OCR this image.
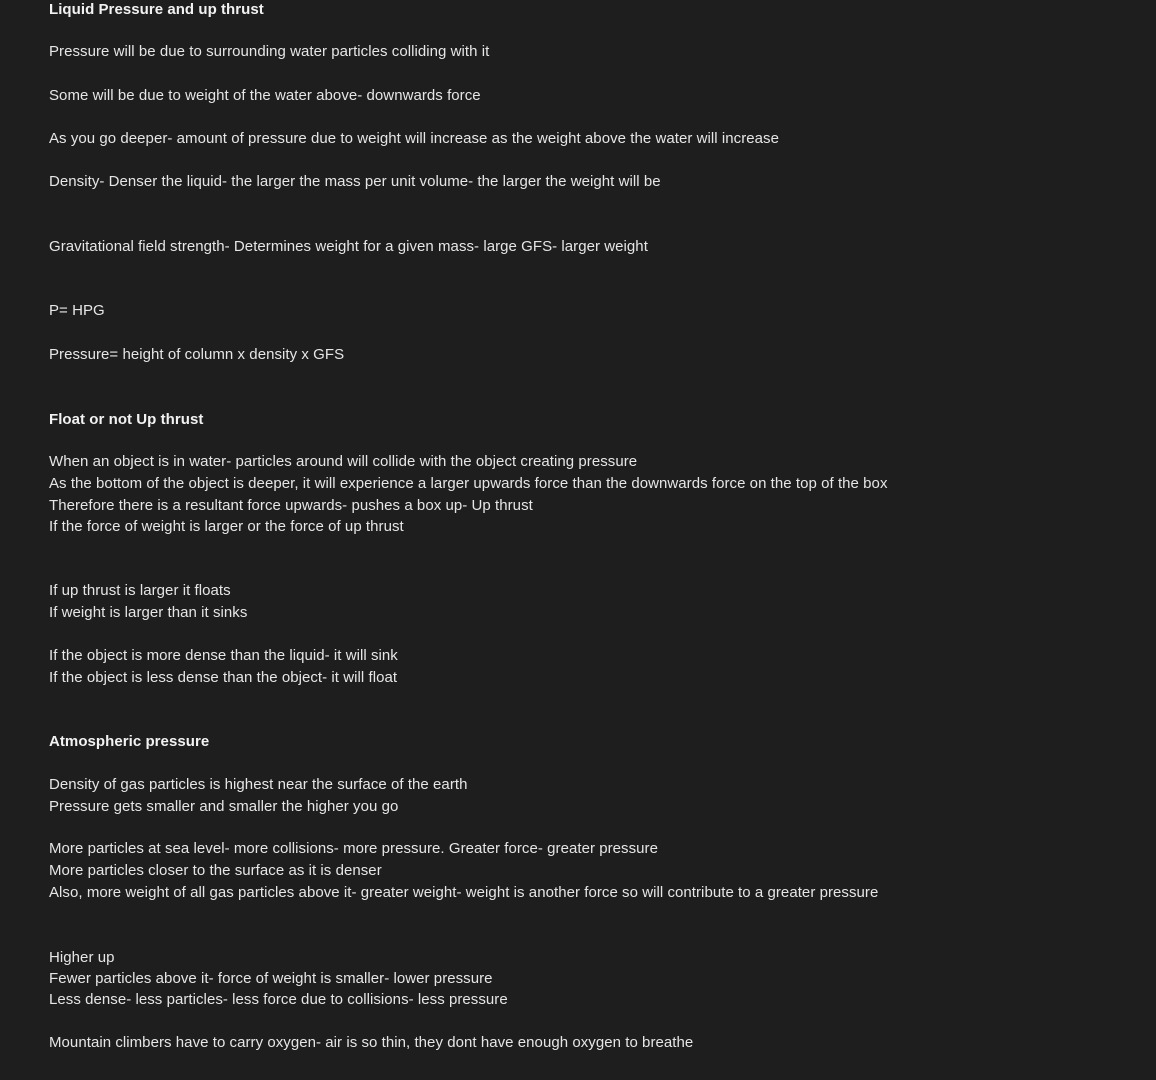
Liquid Pressure and up thrust

Pressure will be due to surrounding water particles colliding with it

Some will be due to weight of the water above- downwards force

As you go deeper- amount of pressure due to weight will increase as the weight above the water will increase

Density- Denser the liquid- the larger the mass per unit volume- the larger the weight will be

Gravitational field strength- Determines weight for a given mass- large GFS- larger weight

P= HPG

Pressure= height of column x density x GFS

Float or not Up thrust

When an object is in water- particles around will collide with the object creating pressure

As the bottom of the object is deeper, it will experience a larger upwards force than the downwards force on the top of the box

Therefore there is a resultant force upwards- pushes a box up- Up thrust

If the force of weight is larger or the force of up thrust

If up thrust is larger it floats

If weight is larger than it sinks

If the object is more dense than the liquid- it will sink

If the object is less dense than the object- it will float

Atmospheric pressure

Density of gas particles is highest near the surface of the earth

Pressure gets smaller and smaller the higher you go

More particles at sea level- more collisions- more pressure. Greater force- greater pressure

More particles closer to the surface as it is denser

Also, more weight of all gas particles above it- greater weight- weight is another force so will contribute to a greater pressure

Higher up

Fewer particles above it- force of weight is smaller- lower pressure

Less dense- less particles- less force due to collisions- less pressure

Mountain climbers have to carry oxygen- air is so thin, they dont have enough oxygen to breathe
